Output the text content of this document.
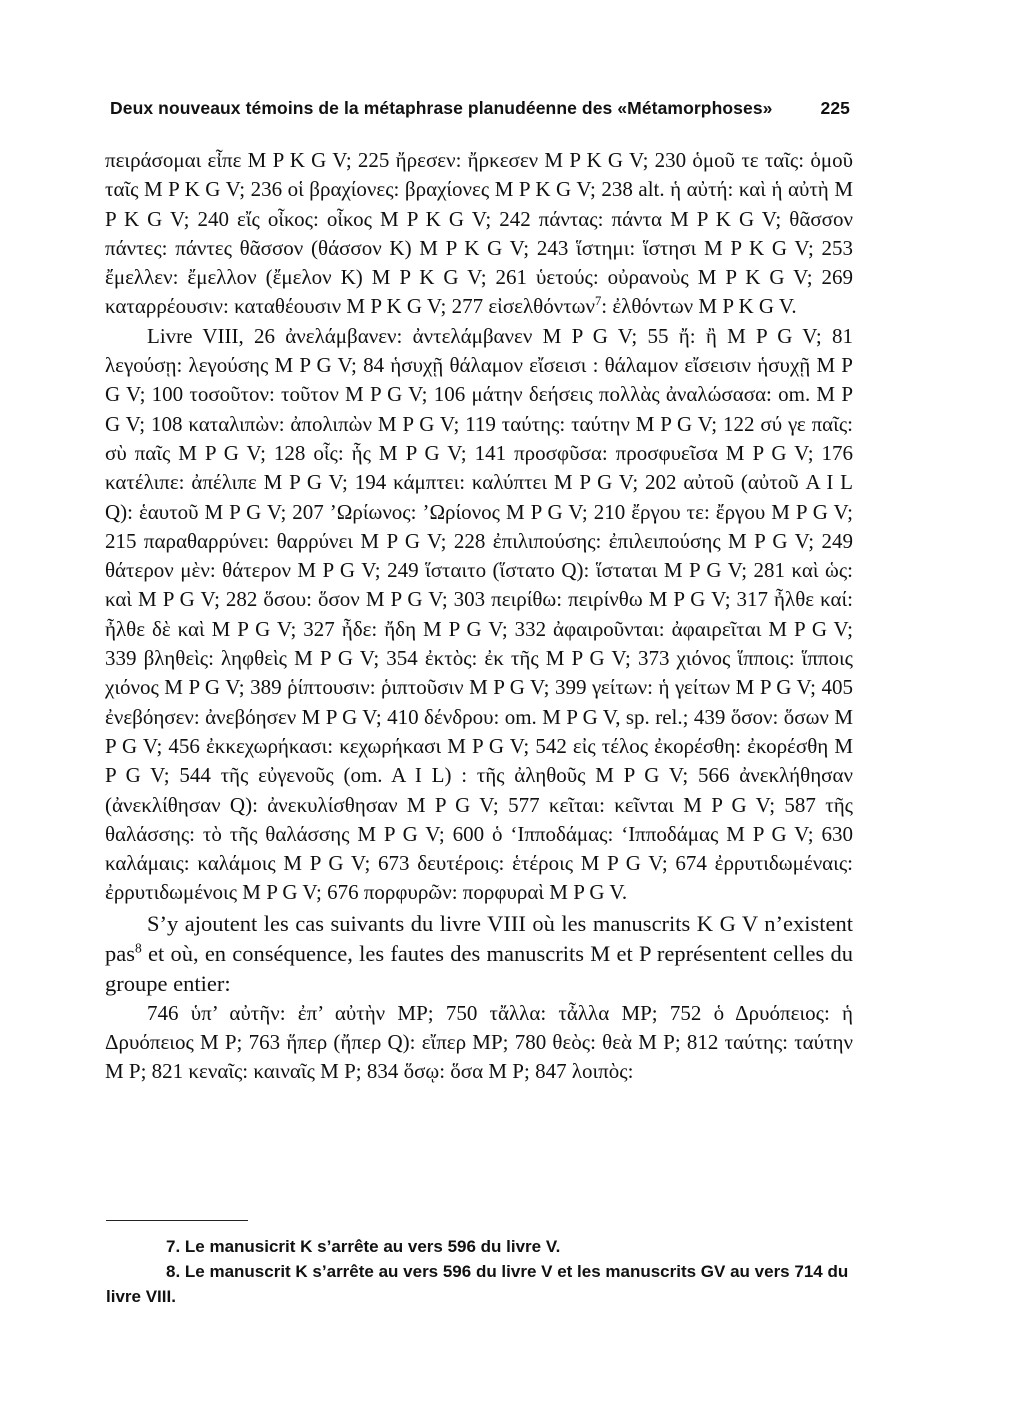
Deux nouveaux témoins de la métaphrase planudéenne des «Métamorphoses»	225

πειράσομαι εἶπε M P K G V; 225 ἤρεσεν: ἤρκεσεν M P K G V; 230 ὁμοῦ τε ταῖς: ὁμοῦ ταῖς M P K G V; 236 οἱ βραχίονες: βραχίονες M P K G V; 238 alt. ἡ αὐτή: καὶ ἡ αὐτὴ M P K G V; 240 εἴς οἶκος: οἶκος M P K G V; 242 πάντας: πάντα M P K G V; θᾶσσον πάντες: πάντες θᾶσσον (θάσσον K) M P K G V; 243 ἵστημι: ἵστησι M P K G V; 253 ἔμελλεν: ἔμελλον (ἔμελον K) M P K G V; 261 ὑετούς: οὐρανοὺς M P K G V; 269 καταρρέουσιν: καταθέουσιν M P K G V; 277 εἰσελθόντων$^7$: ἐλθόντων M P K G V.

Livre VIII, 26 ἀνελάμβανεν: ἀντελάμβανεν M P G V; 55 ἤ: ἢ M P G V; 81 λεγούσῃ: λεγούσης M P G V; 84 ἡσυχῇ θάλαμον εἴσεισι : θάλαμον εἴσεισιν ἡσυχῇ M P G V; 100 τοσοῦτον: τοῦτον M P G V; 106 μάτην δεήσεις πολλὰς ἀναλώσασα: om. M P G V; 108 καταλιπὼν: ἀπολιπὼν M P G V; 119 ταύτης: ταύτην M P G V; 122 σύ γε παῖς: σὺ παῖς M P G V; 128 οἷς: ἧς M P G V; 141 προσφῦσα: προσφυεῖσα M P G V; 176 κατέλιπε: ἀπέλιπε M P G V; 194 κάμπτει: καλύπτει M P G V; 202 αὐτοῦ (αὐτοῦ A I L Q): ἑαυτοῦ M P G V; 207 ’Ωρίωνος: ’Ωρίονος M P G V; 210 ἔργου τε: ἔργου M P G V; 215 παραθαρρύνει: θαρρύνει M P G V; 228 ἐπιλιπούσης: ἐπιλειπούσης M P G V; 249 θάτερον μὲν: θάτερον M P G V; 249 ἵσταιτο (ἵστατο Q): ἵσταται M P G V; 281 καὶ ὡς: καὶ M P G V; 282 ὅσου: ὅσον M P G V; 303 πειρίθω: πειρίνθω M P G V; 317 ἦλθε καί: ἦλθε δὲ καὶ M P G V; 327 ἦδε: ἤδη M P G V; 332 ἀφαιροῦνται: ἀφαιρεῖται M P G V; 339 βληθεὶς: ληφθεὶς M P G V; 354 ἐκτὸς: ἐκ τῆς M P G V; 373 χιόνος ἵπποις: ἵπποις χιόνος M P G V; 389 ῥίπτουσιν: ῥιπτοῦσιν M P G V; 399 γείτων: ἡ γείτων M P G V; 405 ἐνεβόησεν: ἀνεβόησεν M P G V; 410 δένδρου: om. M P G V, sp. rel.; 439 ὅσον: ὅσων M P G V; 456 ἐκκεχωρήκασι: κεχωρήκασι M P G V; 542 εἰς τέλος ἐκορέσθη: ἐκορέσθη M P G V; 544 τῆς εὐγενοῦς (om. A I L) : τῆς ἀληθοῦς M P G V; 566 ἀνεκλήθησαν (ἀνεκλίθησαν Q): ἀνεκυλίσθησαν M P G V; 577 κεῖται: κεῖνται M P G V; 587 τῆς θαλάσσης: τὸ τῆς θαλάσσης M P G V; 600 ὁ ‘Ιπποδάμας: ‘Ιπποδάμας M P G V; 630 καλάμαις: καλάμοις M P G V; 673 δευτέροις: ἑτέροις M P G V; 674 ἐρρυτιδωμέναις: ἐρρυτιδωμένοις M P G V; 676 πορφυρῶν: πορφυραὶ M P G V.

S’y ajoutent les cas suivants du livre VIII où les manuscrits K G V n’existent pas$^8$ et où, en conséquence, les fautes des manuscrits M et P représentent celles du groupe entier:

746 ὑπ’ αὐτῆν: ἐπ’ αὐτὴν MP; 750 τἄλλα: τἆλλα MP; 752 ὁ Δρυόπειος: ἡ Δρυόπειος M P; 763 ἥπερ (ἤπερ Q): εἴπερ MP; 780 θεὸς: θεὰ M P; 812 ταύτης: ταύτην M P; 821 κεναῖς: καιναῖς M P; 834 ὅσῳ: ὅσα M P; 847 λοιπὸς:

7. Le manusicrit K s’arrête au vers 596 du livre V.

8. Le manuscrit K s’arrête au vers 596 du livre V et les manuscrits GV au vers 714 du livre VIII.
